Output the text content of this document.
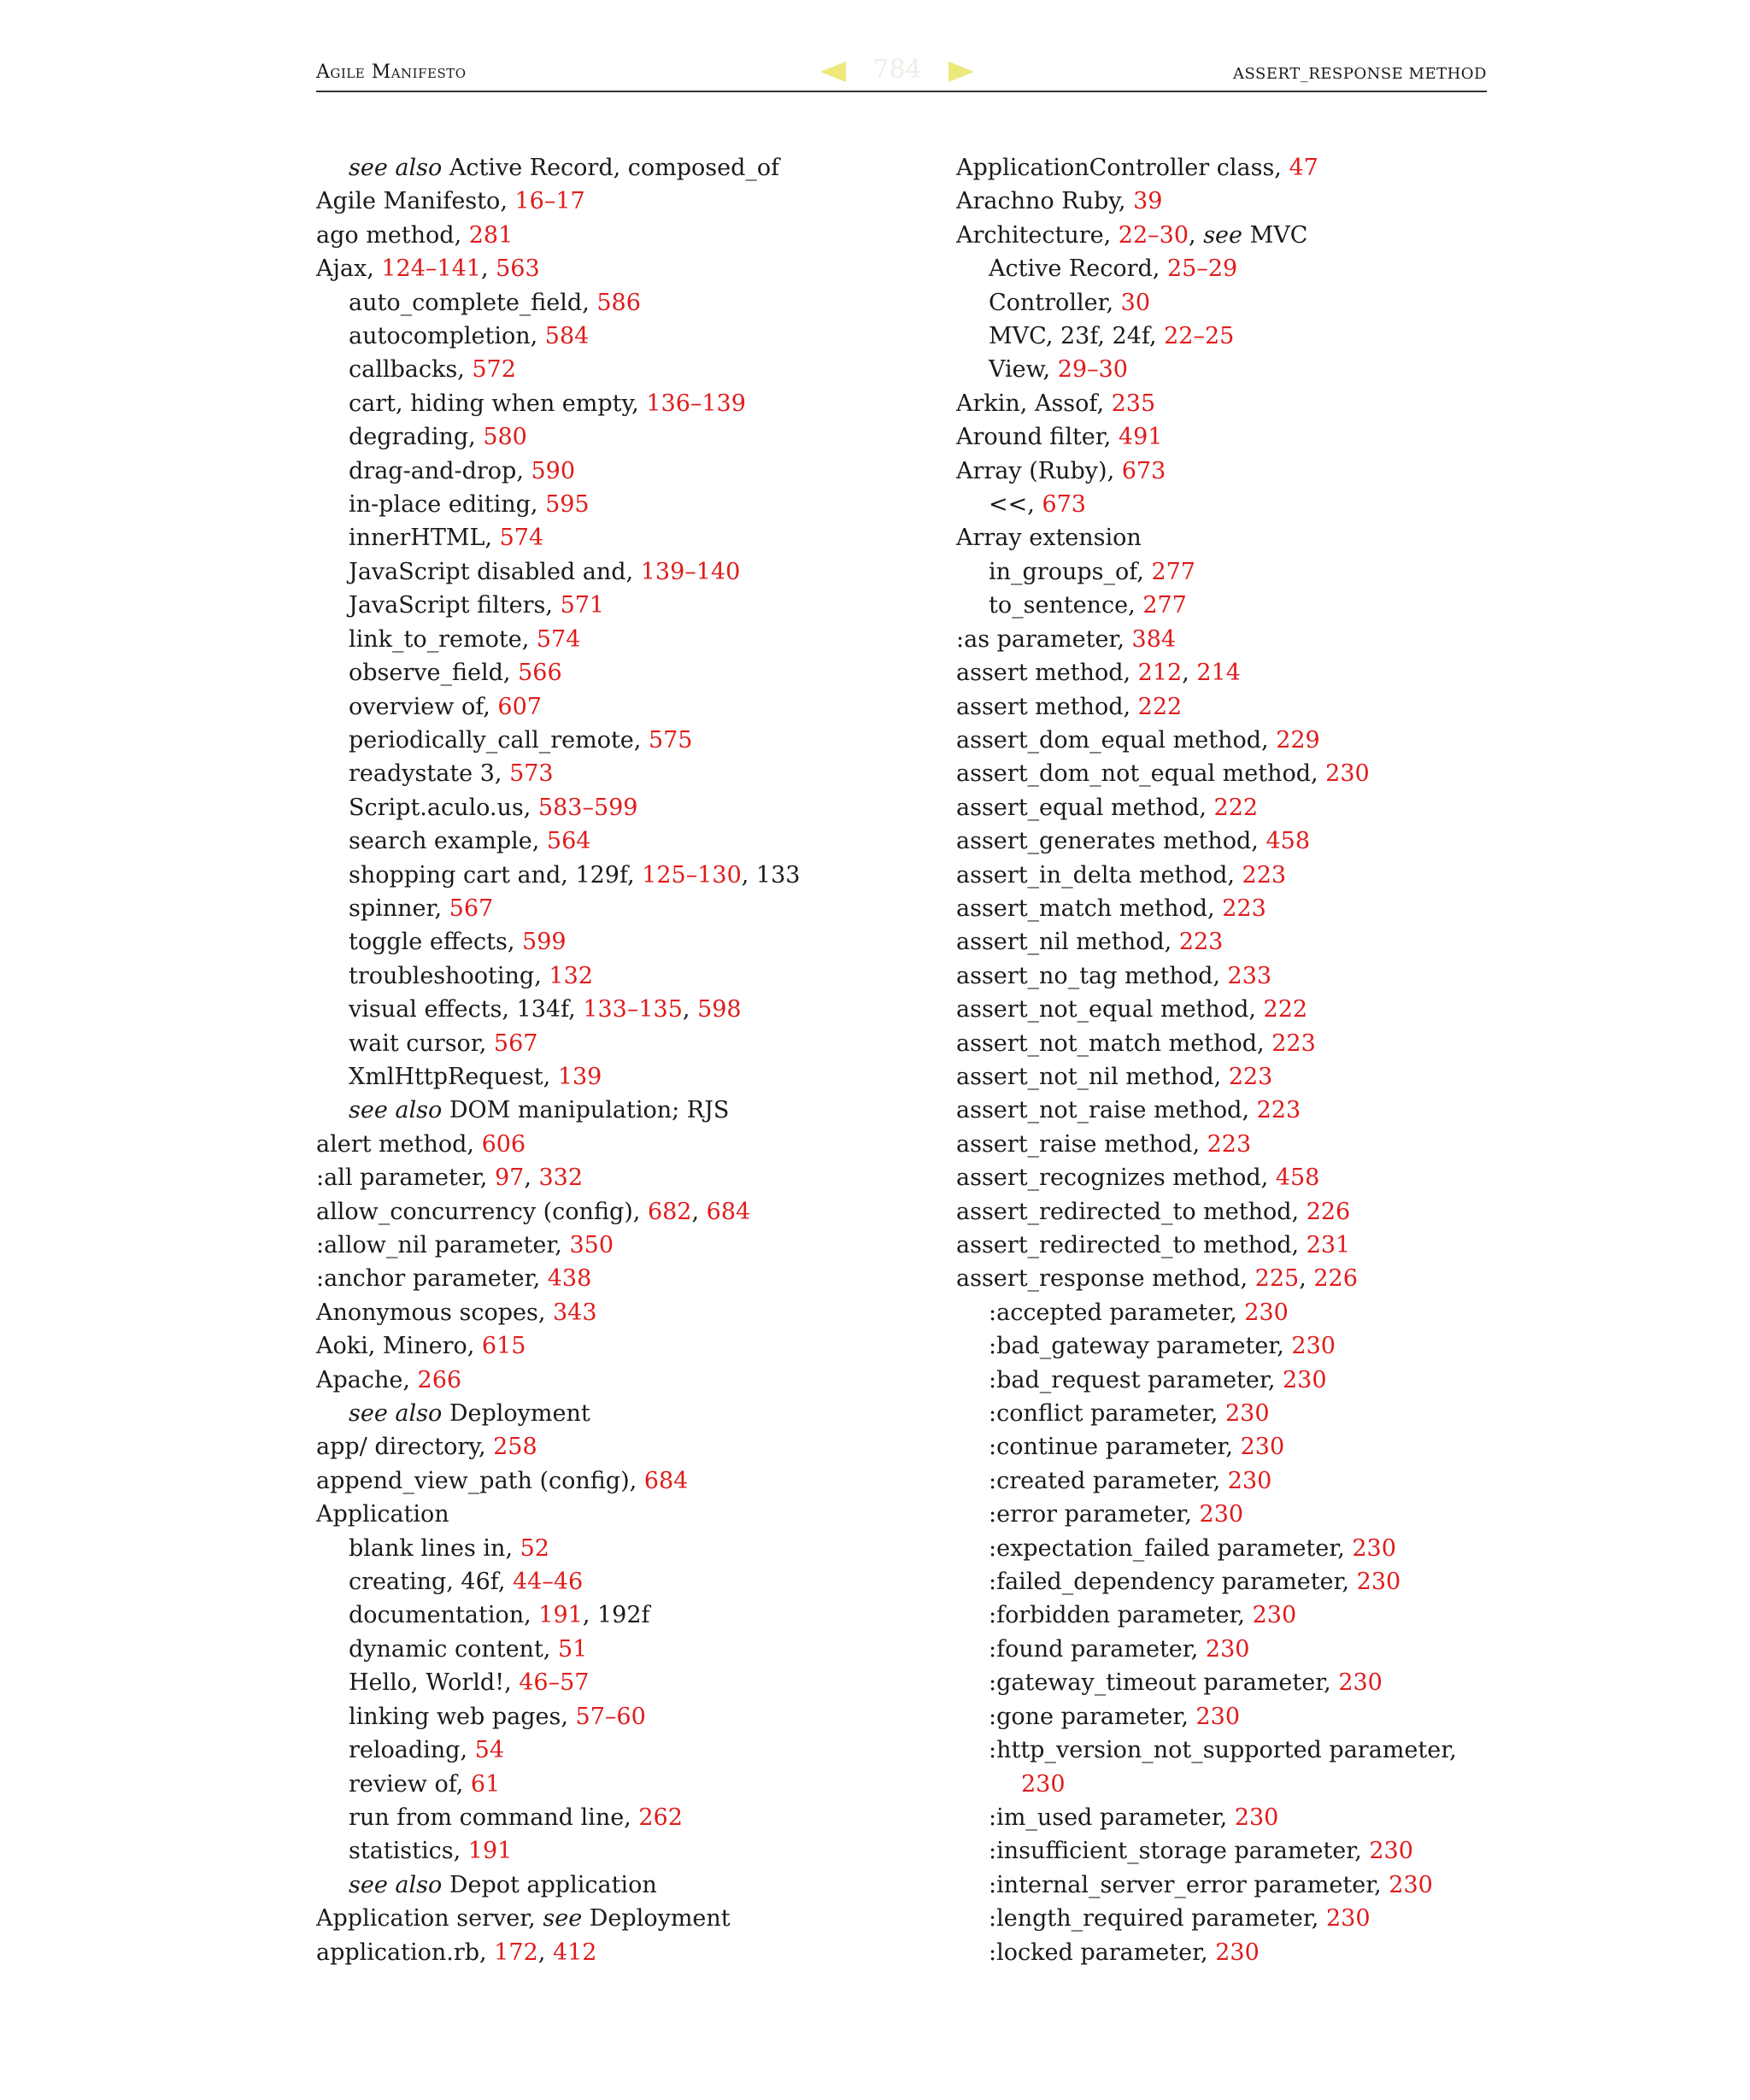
Agile Manifesto	784	ASSERT_RESPONSE METHOD
see also Active Record, composed_of
Agile Manifesto, 16–17
ago method, 281
Ajax, 124–141, 563
auto_complete_field, 586
autocompletion, 584
callbacks, 572
cart, hiding when empty, 136–139
degrading, 580
drag-and-drop, 590
in-place editing, 595
innerHTML, 574
JavaScript disabled and, 139–140
JavaScript filters, 571
link_to_remote, 574
observe_field, 566
overview of, 607
periodically_call_remote, 575
readystate 3, 573
Script.aculo.us, 583–599
search example, 564
shopping cart and, 129f, 125–130, 133
spinner, 567
toggle effects, 599
troubleshooting, 132
visual effects, 134f, 133–135, 598
wait cursor, 567
XmlHttpRequest, 139
see also DOM manipulation; RJS
alert method, 606
:all parameter, 97, 332
allow_concurrency (config), 682, 684
:allow_nil parameter, 350
:anchor parameter, 438
Anonymous scopes, 343
Aoki, Minero, 615
Apache, 266
see also Deployment
app/ directory, 258
append_view_path (config), 684
Application
blank lines in, 52
creating, 46f, 44–46
documentation, 191, 192f
dynamic content, 51
Hello, World!, 46–57
linking web pages, 57–60
reloading, 54
review of, 61
run from command line, 262
statistics, 191
see also Depot application
Application server, see Deployment
application.rb, 172, 412
ApplicationController class, 47
Arachno Ruby, 39
Architecture, 22–30, see MVC
Active Record, 25–29
Controller, 30
MVC, 23f, 24f, 22–25
View, 29–30
Arkin, Assof, 235
Around filter, 491
Array (Ruby), 673
<<, 673
Array extension
in_groups_of, 277
to_sentence, 277
:as parameter, 384
assert method, 212, 214
assert method, 222
assert_dom_equal method, 229
assert_dom_not_equal method, 230
assert_equal method, 222
assert_generates method, 458
assert_in_delta method, 223
assert_match method, 223
assert_nil method, 223
assert_no_tag method, 233
assert_not_equal method, 222
assert_not_match method, 223
assert_not_nil method, 223
assert_not_raise method, 223
assert_raise method, 223
assert_recognizes method, 458
assert_redirected_to method, 226
assert_redirected_to method, 231
assert_response method, 225, 226
:accepted parameter, 230
:bad_gateway parameter, 230
:bad_request parameter, 230
:conflict parameter, 230
:continue parameter, 230
:created parameter, 230
:error parameter, 230
:expectation_failed parameter, 230
:failed_dependency parameter, 230
:forbidden parameter, 230
:found parameter, 230
:gateway_timeout parameter, 230
:gone parameter, 230
:http_version_not_supported parameter,
230
:im_used parameter, 230
:insufficient_storage parameter, 230
:internal_server_error parameter, 230
:length_required parameter, 230
:locked parameter, 230
